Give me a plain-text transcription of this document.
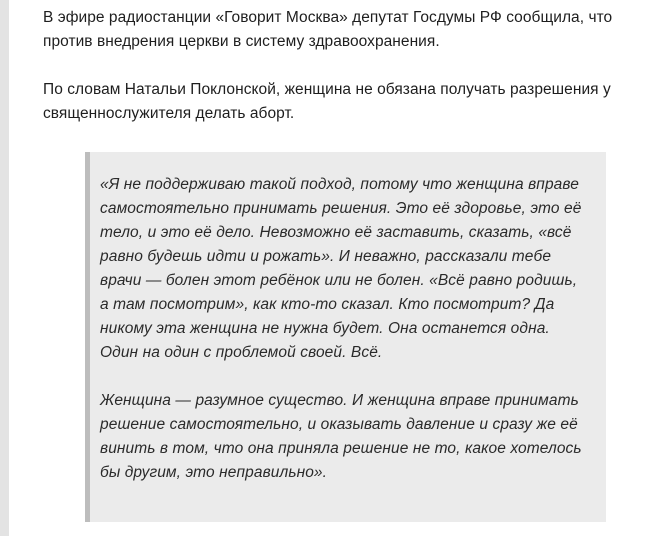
В эфире радиостанции «Говорит Москва» депутат Госдумы РФ сообщила, что против внедрения церкви в систему здравоохранения.

По словам Натальи Поклонской, женщина не обязана получать разрешения у священнослужителя делать аборт.

«Я не поддерживаю такой подход, потому что женщина вправе самостоятельно принимать решения. Это её здоровье, это её тело, и это её дело. Невозможно её заставить, сказать, «всё равно будешь идти и рожать». И неважно, рассказали тебе врачи — болен этот ребёнок или не болен. «Всё равно родишь, а там посмотрим», как кто-то сказал. Кто посмотрит? Да никому эта женщина не нужна будет. Она останется одна. Один на один с проблемой своей. Всё.

Женщина — разумное существо. И женщина вправе принимать решение самостоятельно, и оказывать давление и сразу же её винить в том, что она приняла решение не то, какое хотелось бы другим, это неправильно».
